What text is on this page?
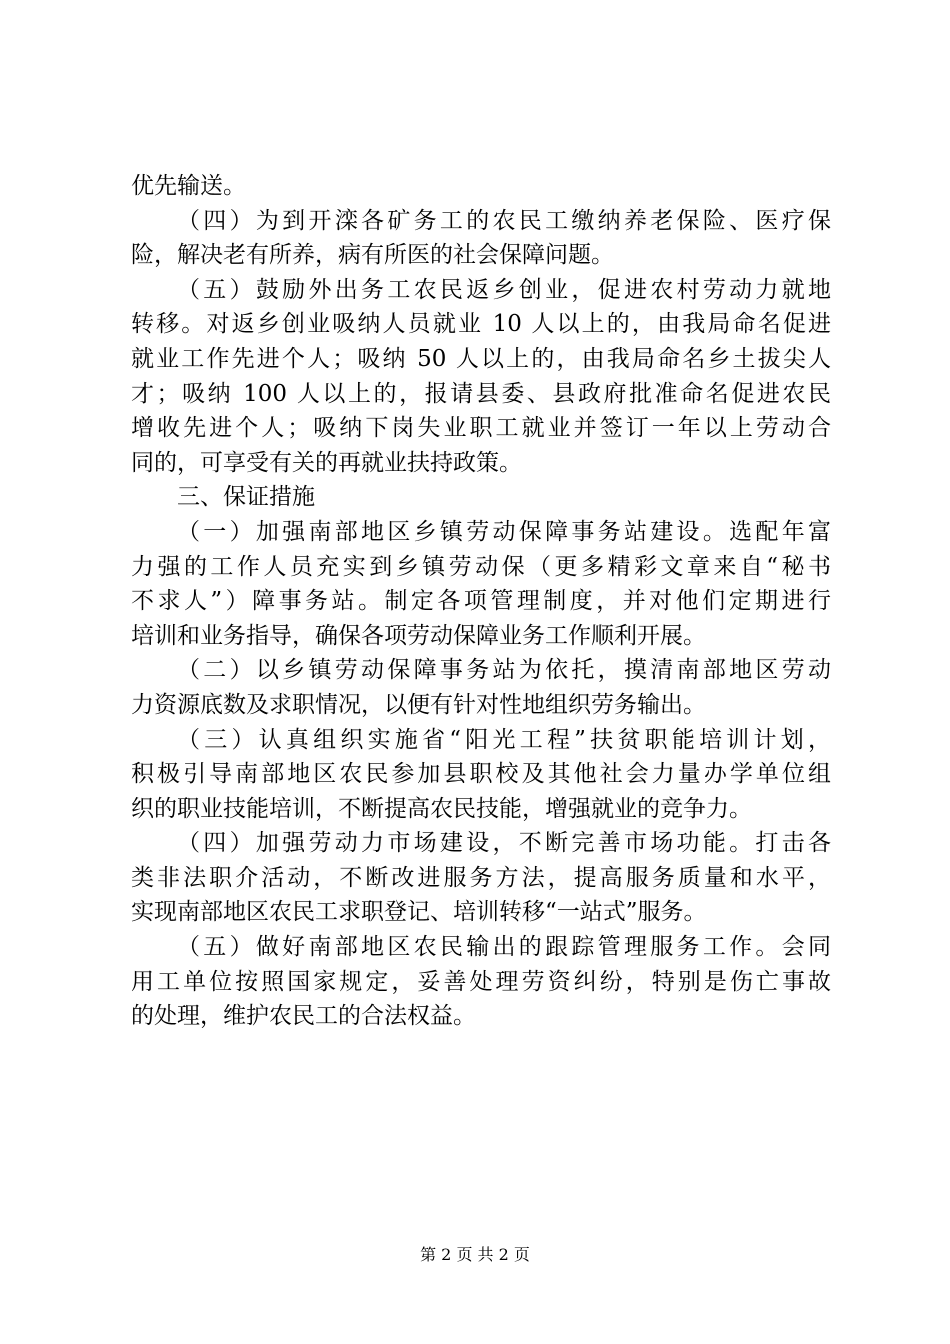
优先输送。
（四）为到开滦各矿务工的农民工缴纳养老保险、医疗保
险，解决老有所养，病有所医的社会保障问题。
（五）鼓励外出务工农民返乡创业，促进农村劳动力就地
转移。对返乡创业吸纳人员就业 10 人以上的，由我局命名促进
就业工作先进个人；吸纳 50 人以上的，由我局命名乡土拔尖人
才；吸纳 100 人以上的，报请县委、县政府批准命名促进农民
增收先进个人；吸纳下岗失业职工就业并签订一年以上劳动合
同的，可享受有关的再就业扶持政策。
三、保证措施
（一）加强南部地区乡镇劳动保障事务站建设。选配年富
力强的工作人员充实到乡镇劳动保（更多精彩文章来自“秘书
不求人”）障事务站。制定各项管理制度，并对他们定期进行
培训和业务指导，确保各项劳动保障业务工作顺利开展。
（二）以乡镇劳动保障事务站为依托，摸清南部地区劳动
力资源底数及求职情况，以便有针对性地组织劳务输出。
（三）认真组织实施省“阳光工程”扶贫职能培训计划，
积极引导南部地区农民参加县职校及其他社会力量办学单位组
织的职业技能培训，不断提高农民技能，增强就业的竞争力。
（四）加强劳动力市场建设，不断完善市场功能。打击各
类非法职介活动，不断改进服务方法，提高服务质量和水平，
实现南部地区农民工求职登记、培训转移“一站式”服务。
（五）做好南部地区农民输出的跟踪管理服务工作。会同
用工单位按照国家规定，妥善处理劳资纠纷，特别是伤亡事故
的处理，维护农民工的合法权益。
第 2 页 共 2 页
